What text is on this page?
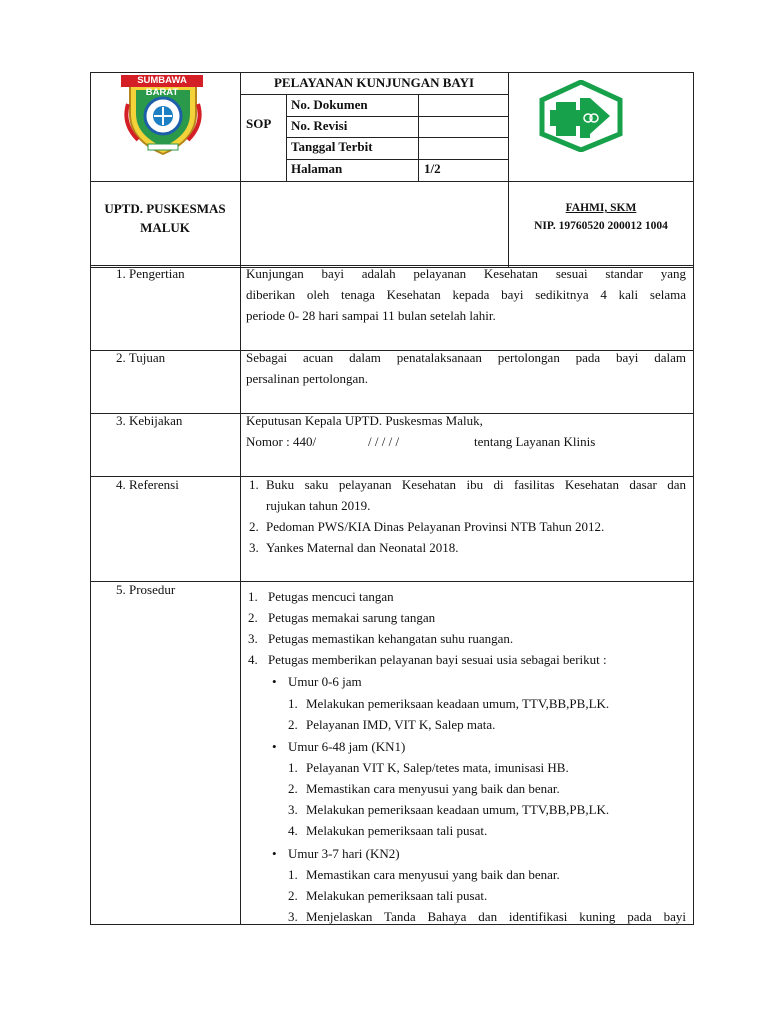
SUMBAWA BARAT
PELAYANAN KUNJUNGAN BAYI
SOP
No. Dokumen
No. Revisi
Tanggal Terbit
Halaman	1/2
UPTD. PUSKESMAS
MALUK
FAHMI, SKM
NIP. 19760520 200012 1004
1. Pengertian	Kunjungan bayi adalah pelayanan Kesehatan sesuai standar yang
diberikan oleh tenaga Kesehatan kepada bayi sedikitnya 4 kali selama
periode 0- 28 hari sampai 11 bulan setelah lahir.
2. Tujuan	Sebagai acuan dalam penatalaksanaan pertolongan pada bayi dalam
persalinan pertolongan.
3. Kebijakan	Keputusan Kepala UPTD. Puskesmas Maluk,
Nomor : 440/	/ / / / /	tentang Layanan Klinis
4. Referensi	1. Buku saku pelayanan Kesehatan ibu di fasilitas Kesehatan dasar dan
rujukan tahun 2019.
2. Pedoman PWS/KIA Dinas Pelayanan Provinsi NTB Tahun 2012.
3. Yankes Maternal dan Neonatal 2018.
5. Prosedur	1. Petugas mencuci tangan
2. Petugas memakai sarung tangan
3. Petugas memastikan kehangatan suhu ruangan.
4. Petugas memberikan pelayanan bayi sesuai usia sebagai berikut :
• Umur 0-6 jam
1. Melakukan pemeriksaan keadaan umum, TTV,BB,PB,LK.
2. Pelayanan IMD, VIT K, Salep mata.
• Umur 6-48 jam (KN1)
1. Pelayanan VIT K, Salep/tetes mata, imunisasi HB.
2. Memastikan cara menyusui yang baik dan benar.
3. Melakukan pemeriksaan keadaan umum, TTV,BB,PB,LK.
4. Melakukan pemeriksaan tali pusat.
• Umur 3-7 hari (KN2)
1. Memastikan cara menyusui yang baik dan benar.
2. Melakukan pemeriksaan tali pusat.
3. Menjelaskan Tanda Bahaya dan identifikasi kuning pada bayi
